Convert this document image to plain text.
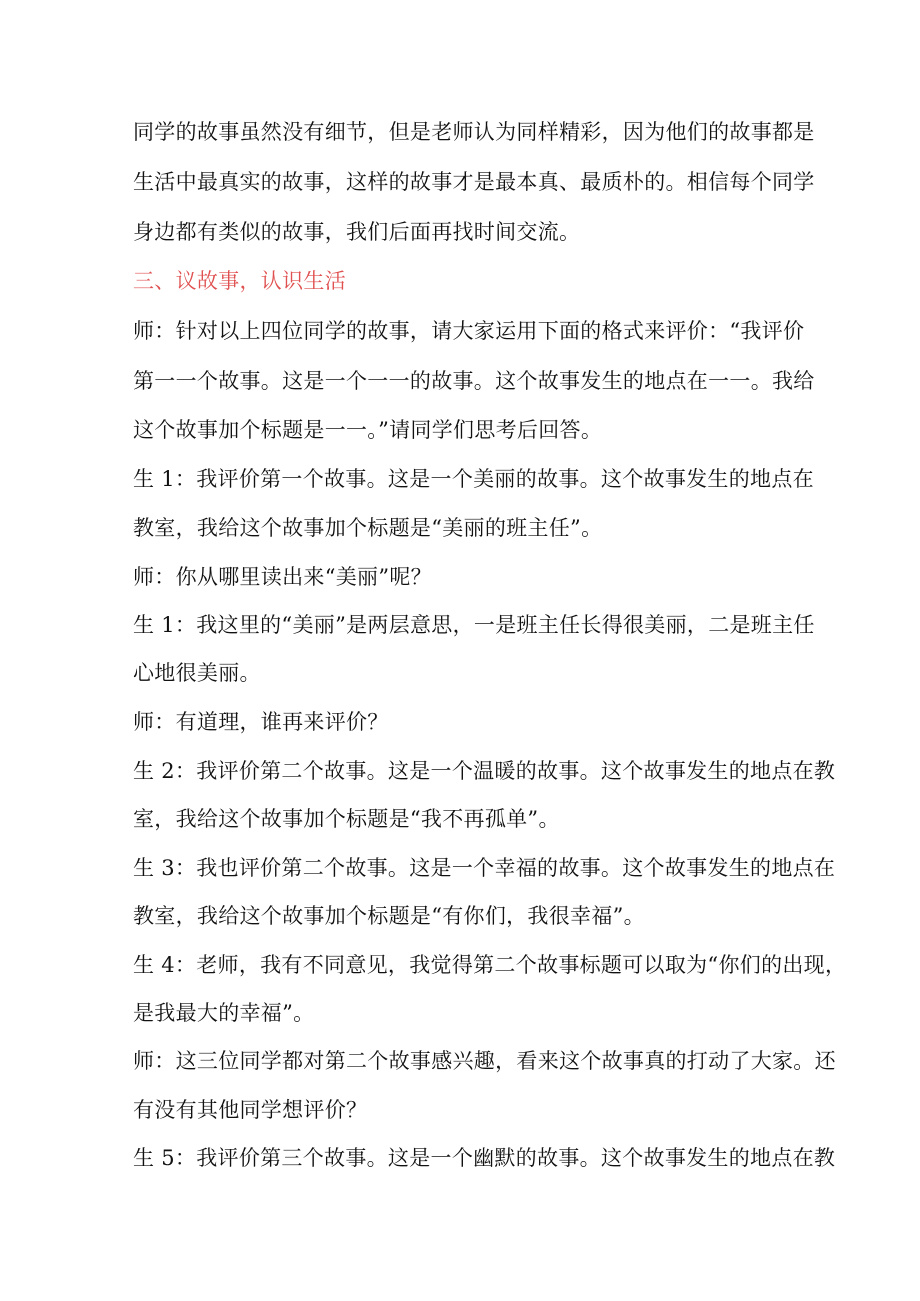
同学的故事虽然没有细节，但是老师认为同样精彩，因为他们的故事都是
生活中最真实的故事，这样的故事才是最本真、最质朴的。相信每个同学
身边都有类似的故事，我们后面再找时间交流。
三、议故事，认识生活
师：针对以上四位同学的故事，请大家运用下面的格式来评价：“我评价
第一一个故事。这是一个一一的故事。这个故事发生的地点在一一。我给
这个故事加个标题是一一。”请同学们思考后回答。
生 1：我评价第一个故事。这是一个美丽的故事。这个故事发生的地点在
教室，我给这个故事加个标题是“美丽的班主任”。
师：你从哪里读出来“美丽”呢？
生 1：我这里的“美丽”是两层意思，一是班主任长得很美丽，二是班主任
心地很美丽。
师：有道理，谁再来评价？
生 2：我评价第二个故事。这是一个温暖的故事。这个故事发生的地点在教
室，我给这个故事加个标题是“我不再孤单”。
生 3：我也评价第二个故事。这是一个幸福的故事。这个故事发生的地点在
教室，我给这个故事加个标题是“有你们，我很幸福”。
生 4：老师，我有不同意见，我觉得第二个故事标题可以取为“你们的出现，
是我最大的幸福”。
师：这三位同学都对第二个故事感兴趣，看来这个故事真的打动了大家。还
有没有其他同学想评价？
生 5：我评价第三个故事。这是一个幽默的故事。这个故事发生的地点在教
